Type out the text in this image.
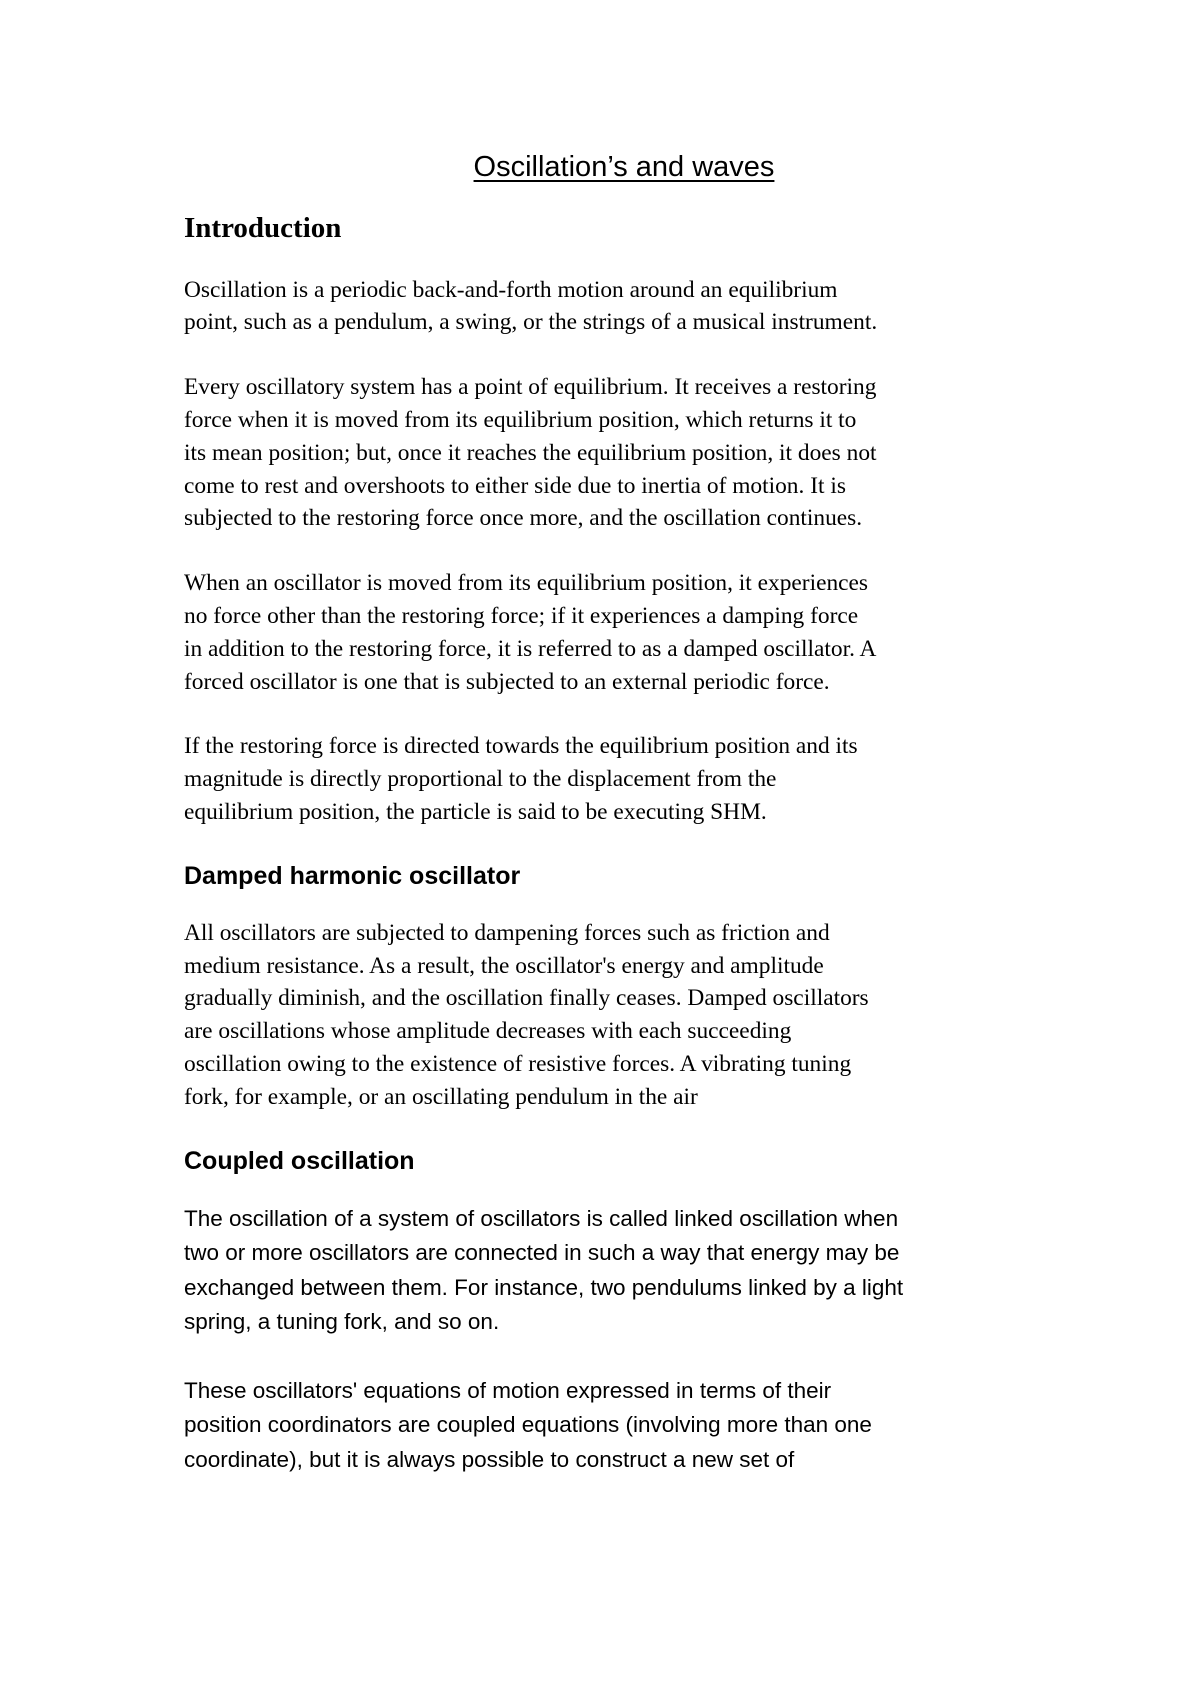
Oscillation’s and waves
Introduction

Oscillation is a periodic back-and-forth motion around an equilibrium
point, such as a pendulum, a swing, or the strings of a musical instrument.

Every oscillatory system has a point of equilibrium. It receives a restoring
force when it is moved from its equilibrium position, which returns it to
its mean position; but, once it reaches the equilibrium position, it does not
come to rest and overshoots to either side due to inertia of motion. It is
subjected to the restoring force once more, and the oscillation continues.

When an oscillator is moved from its equilibrium position, it experiences
no force other than the restoring force; if it experiences a damping force
in addition to the restoring force, it is referred to as a damped oscillator. A
forced oscillator is one that is subjected to an external periodic force.

If the restoring force is directed towards the equilibrium position and its
magnitude is directly proportional to the displacement from the
equilibrium position, the particle is said to be executing SHM.

Damped harmonic oscillator

All oscillators are subjected to dampening forces such as friction and
medium resistance. As a result, the oscillator's energy and amplitude
gradually diminish, and the oscillation finally ceases. Damped oscillators
are oscillations whose amplitude decreases with each succeeding
oscillation owing to the existence of resistive forces. A vibrating tuning
fork, for example, or an oscillating pendulum in the air

Coupled oscillation

The oscillation of a system of oscillators is called linked oscillation when
two or more oscillators are connected in such a way that energy may be
exchanged between them. For instance, two pendulums linked by a light
spring, a tuning fork, and so on.

These oscillators' equations of motion expressed in terms of their
position coordinators are coupled equations (involving more than one
coordinate), but it is always possible to construct a new set of
